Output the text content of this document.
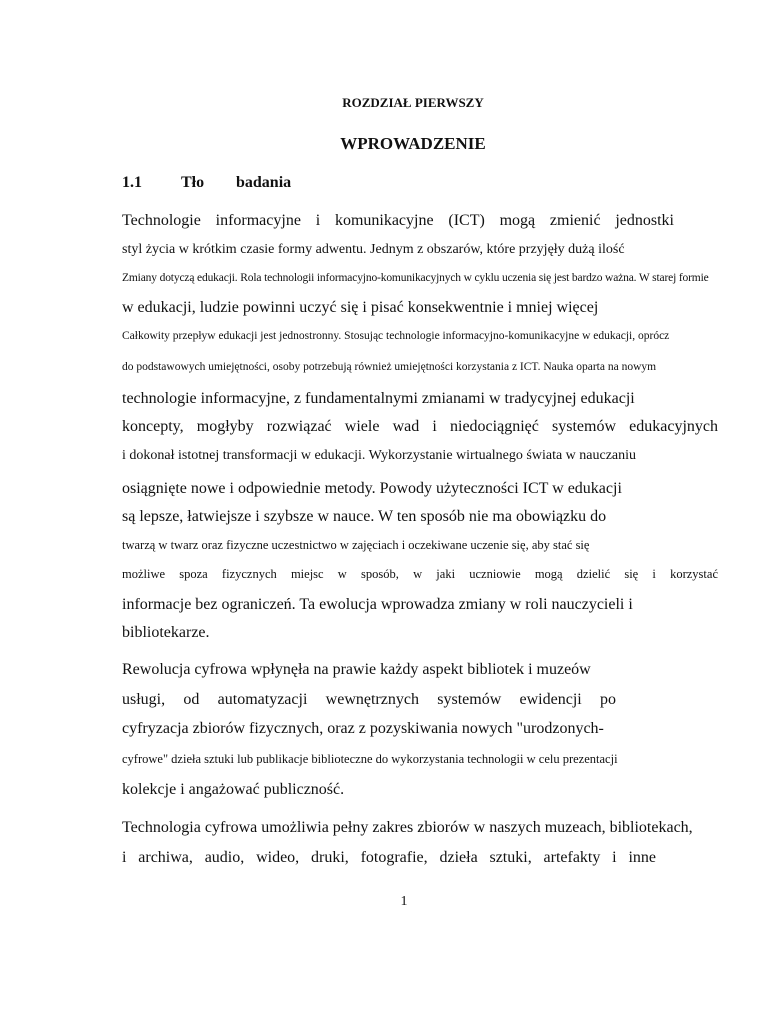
ROZDZIAŁ PIERWSZY
WPROWADZENIE
1.1 Tło badania
Technologie informacyjne i komunikacyjne (ICT) mogą zmienić jednostki
styl życia w krótkim czasie formy adwentu. Jednym z obszarów, które przyjęły dużą ilość
Zmiany dotyczą edukacji. Rola technologii informacyjno-komunikacyjnych w cyklu uczenia się jest bardzo ważna. W starej formie
w edukacji, ludzie powinni uczyć się i pisać konsekwentnie i mniej więcej
Całkowity przepływ edukacji jest jednostronny. Stosując technologie informacyjno-komunikacyjne w edukacji, oprócz
do podstawowych umiejętności, osoby potrzebują również umiejętności korzystania z ICT. Nauka oparta na nowym
technologie informacyjne, z fundamentalnymi zmianami w tradycyjnej edukacji
koncepty, mogłyby rozwiązać wiele wad i niedociągnięć systemów edukacyjnych
i dokonał istotnej transformacji w edukacji. Wykorzystanie wirtualnego świata w nauczaniu
osiągnięte nowe i odpowiednie metody. Powody użyteczności ICT w edukacji
są lepsze, łatwiejsze i szybsze w nauce. W ten sposób nie ma obowiązku do
twarzą w twarz oraz fizyczne uczestnictwo w zajęciach i oczekiwane uczenie się, aby stać się
możliwe spoza fizycznych miejsc w sposób, w jaki uczniowie mogą dzielić się i korzystać
informacje bez ograniczeń. Ta ewolucja wprowadza zmiany w roli nauczycieli i
bibliotekarze.
Rewolucja cyfrowa wpłynęła na prawie każdy aspekt bibliotek i muzeów
usługi, od automatyzacji wewnętrznych systemów ewidencji po
cyfryzacja zbiorów fizycznych, oraz z pozyskiwania nowych "urodzonych-
cyfrowe" dzieła sztuki lub publikacje biblioteczne do wykorzystania technologii w celu prezentacji
kolekcje i angażować publiczność.
Technologia cyfrowa umożliwia pełny zakres zbiorów w naszych muzeach, bibliotekach,
i archiwa, audio, wideo, druki, fotografie, dzieła sztuki, artefakty i inne
1
